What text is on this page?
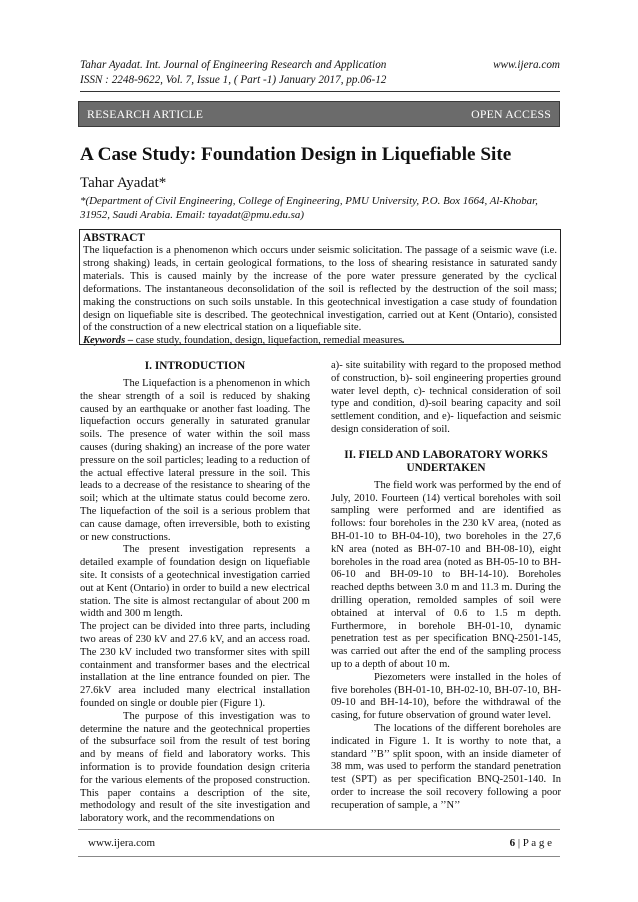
Tahar Ayadat. Int. Journal of Engineering Research and Application	www.ijera.com
ISSN : 2248-9622, Vol. 7, Issue 1, ( Part -1) January 2017, pp.06-12
RESEARCH ARTICLE	OPEN ACCESS
A Case Study: Foundation Design in Liquefiable Site
Tahar Ayadat*
*(Department of Civil Engineering, College of Engineering, PMU University, P.O. Box 1664, Al-Khobar, 31952, Saudi Arabia. Email: tayadat@pmu.edu.sa)
ABSTRACT
The liquefaction is a phenomenon which occurs under seismic solicitation. The passage of a seismic wave (i.e. strong shaking) leads, in certain geological formations, to the loss of shearing resistance in saturated sandy materials. This is caused mainly by the increase of the pore water pressure generated by the cyclical deformations. The instantaneous deconsolidation of the soil is reflected by the destruction of the soil mass; making the constructions on such soils unstable. In this geotechnical investigation a case study of foundation design on liquefiable site is described. The geotechnical investigation, carried out at Kent (Ontario), consisted of the construction of a new electrical station on a liquefiable site.
Keywords – case study, foundation, design, liquefaction, remedial measures.
I. INTRODUCTION

The Liquefaction is a phenomenon in which the shear strength of a soil is reduced by shaking caused by an earthquake or another fast loading. The liquefaction occurs generally in saturated granular soils. The presence of water within the soil mass causes (during shaking) an increase of the pore water pressure on the soil particles; leading to a reduction of the actual effective lateral pressure in the soil. This leads to a decrease of the resistance to shearing of the soil; which at the ultimate status could become zero. The liquefaction of the soil is a serious problem that can cause damage, often irreversible, both to existing or new constructions.

The present investigation represents a detailed example of foundation design on liquefiable site. It consists of a geotechnical investigation carried out at Kent (Ontario) in order to build a new electrical station. The site is almost rectangular of about 200 m width and 300 m length.

The project can be divided into three parts, including two areas of 230 kV and 27.6 kV, and an access road. The 230 kV included two transformer sites with spill containment and transformer bases and the electrical installation at the line entrance founded on pier. The 27.6kV area included many electrical installation founded on single or double pier (Figure 1).

The purpose of this investigation was to determine the nature and the geotechnical properties of the subsurface soil from the result of test boring and by means of field and laboratory works. This information is to provide foundation design criteria for the various elements of the proposed construction. This paper contains a description of the site, methodology and result of the site investigation and laboratory work, and the recommendations on

a)- site suitability with regard to the proposed method of construction, b)- soil engineering properties ground water level depth, c)- technical consideration of soil type and condition, d)-soil bearing capacity and soil settlement condition, and e)- liquefaction and seismic design consideration of soil.

II. FIELD AND LABORATORY WORKS UNDERTAKEN

The field work was performed by the end of July, 2010. Fourteen (14) vertical boreholes with soil sampling were performed and are identified as follows: four boreholes in the 230 kV area, (noted as BH-01-10 to BH-04-10), two boreholes in the 27,6 kN area (noted as BH-07-10 and BH-08-10), eight boreholes in the road area (noted as BH-05-10 to BH-06-10 and BH-09-10 to BH-14-10). Boreholes reached depths between 3.0 m and 11.3 m. During the drilling operation, remolded samples of soil were obtained at interval of 0.6 to 1.5 m depth. Furthermore, in borehole BH-01-10, dynamic penetration test as per specification BNQ-2501-145, was carried out after the end of the sampling process up to a depth of about 10 m.

Piezometers were installed in the holes of five boreholes (BH-01-10, BH-02-10, BH-07-10, BH-09-10 and BH-14-10), before the withdrawal of the casing, for future observation of ground water level.

The locations of the different boreholes are indicated in Figure 1. It is worthy to note that, a standard ’’B’’ split spoon, with an inside diameter of 38 mm, was used to perform the standard penetration test (SPT) as per specification BNQ-2501-140. In order to increase the soil recovery following a poor recuperation of sample, a ’’N’’

www.ijera.com	6 | P a g e
